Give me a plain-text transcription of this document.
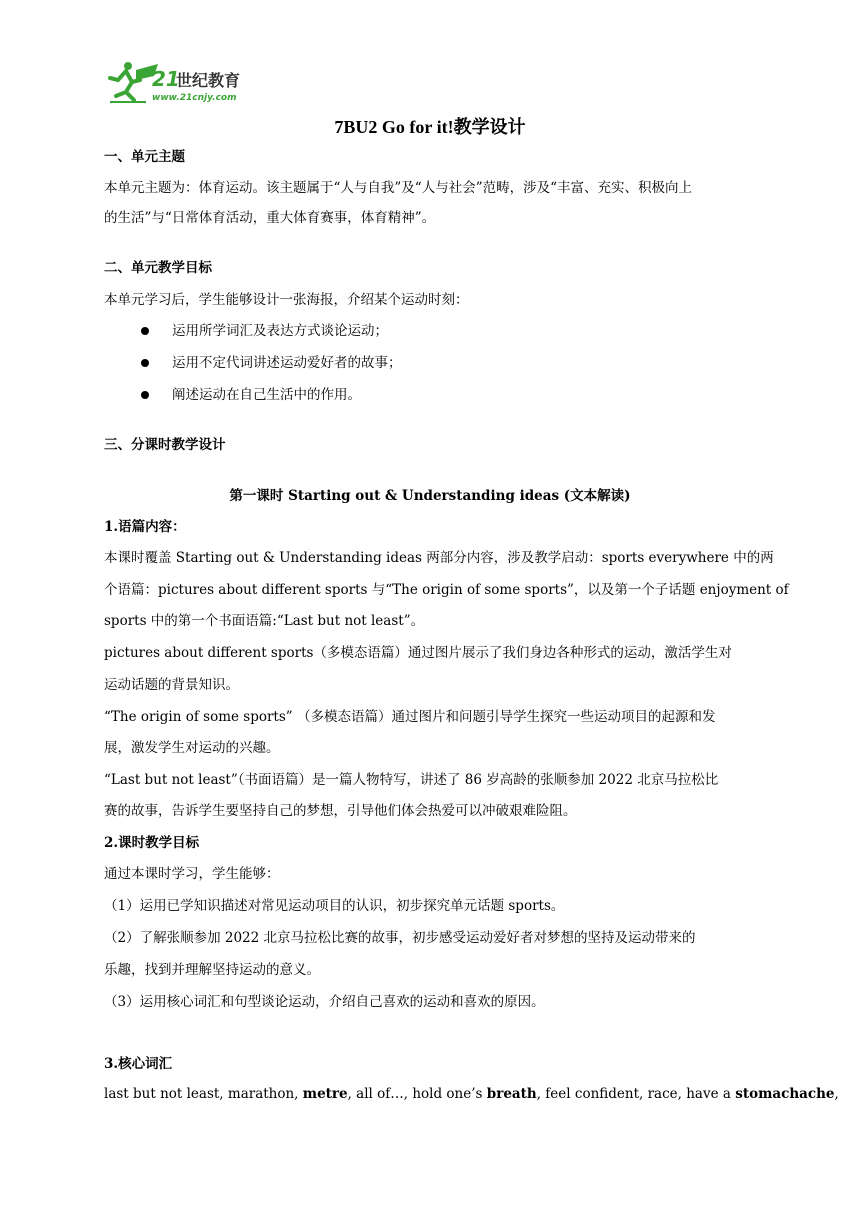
21
世纪教育
www.21cnjy.com
7BU2 Go for it!教学设计
一、单元主题
本单元主题为：体育运动。该主题属于“人与自我”及“人与社会”范畴，涉及“丰富、充实、积极向上
的生活”与“日常体育活动，重大体育赛事，体育精神”。
二、单元教学目标
本单元学习后，学生能够设计一张海报，介绍某个运动时刻：
运用所学词汇及表达方式谈论运动；
运用不定代词讲述运动爱好者的故事；
阐述运动在自己生活中的作用。
三、分课时教学设计
第一课时 Starting out & Understanding ideas (文本解读)
1.语篇内容：
本课时覆盖 Starting out & Understanding ideas 两部分内容，涉及教学启动：sports everywhere 中的两
个语篇：pictures about different sports 与“The origin of some sports”，以及第一个子话题 enjoyment of
sports 中的第一个书面语篇:“Last but not least”。
pictures about different sports（多模态语篇）通过图片展示了我们身边各种形式的运动，激活学生对
运动话题的背景知识。
“The origin of some sports” （多模态语篇）通过图片和问题引导学生探究一些运动项目的起源和发
展，激发学生对运动的兴趣。
“Last but not least”（书面语篇）是一篇人物特写，讲述了 86 岁高龄的张顺参加 2022 北京马拉松比
赛的故事，告诉学生要坚持自己的梦想，引导他们体会热爱可以冲破艰难险阻。
2.课时教学目标
通过本课时学习，学生能够：
（1）运用已学知识描述对常见运动项目的认识，初步探究单元话题 sports。
（2）了解张顺参加 2022 北京马拉松比赛的故事，初步感受运动爱好者对梦想的坚持及运动带来的
乐趣，找到并理解坚持运动的意义。
（3）运用核心词汇和句型谈论运动，介绍自己喜欢的运动和喜欢的原因。
3.核心词汇
last but not least, marathon, metre, all of…, hold one’s breath, feel confident, race, have a stomachache,
